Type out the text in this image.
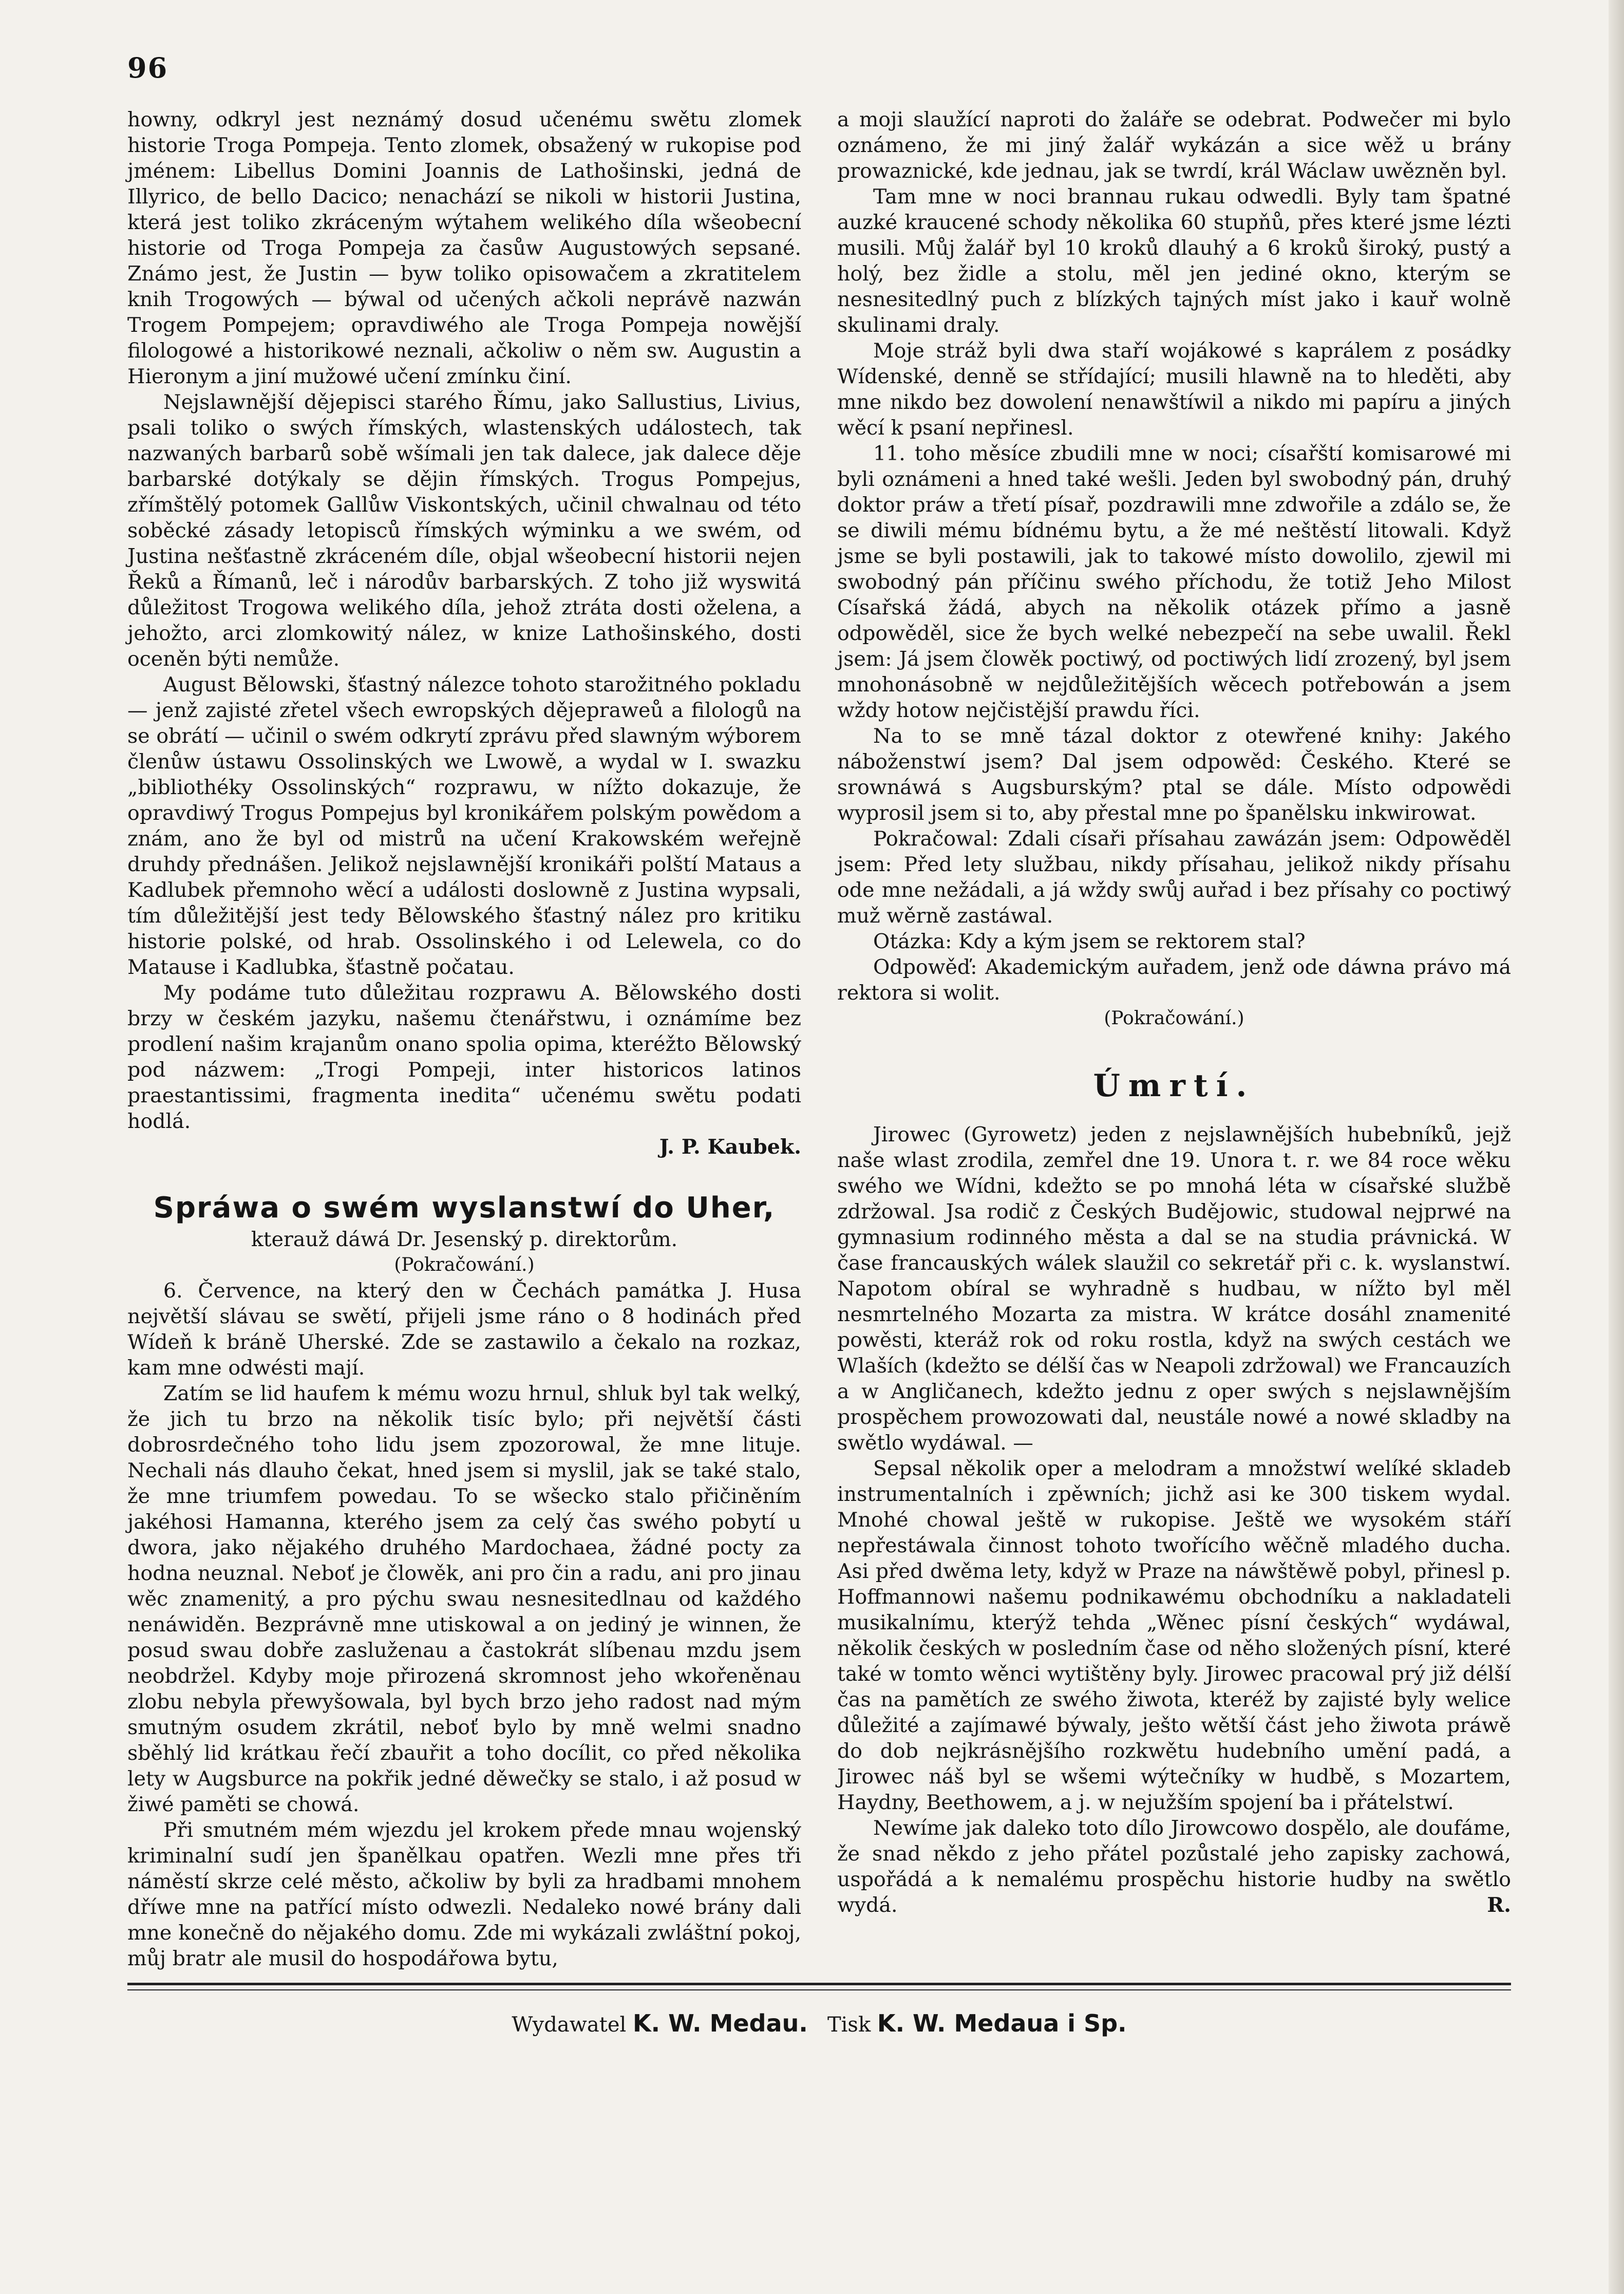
96

howny, odkryl jest neznámý dosud učenému swětu zlomek historie Troga Pompeja. Tento zlomek, obsažený w rukopise pod jménem: Libellus Domini Joannis de Lathošinski, jedná de Illyrico, de bello Dacico; nenachází se nikoli w historii Justina, která jest toliko zkráceným wýtahem welikého díla wšeobecní historie od Troga Pompeja za časůw Augustowých sepsané. Známo jest, že Justin — byw toliko opisowačem a zkratitelem knih Trogowých — býwal od učených ačkoli neprávě nazwán Trogem Pompejem; opravdiwého ale Troga Pompeja nowější filologowé a historikowé neznali, ačkoliw o něm sw. Augustin a Hieronym a jiní mužowé učení zmínku činí.

Nejslawnější dějepisci starého Římu, jako Sallustius, Livius, psali toliko o swých římských, wlastenských událostech, tak nazwaných barbarů sobě wšímali jen tak dalece, jak dalece děje barbarské dotýkaly se dějin římských. Trogus Pompejus, zřímštělý potomek Gallůw Viskontských, učinil chwalnau od této soběcké zásady letopisců římských wýminku a we swém, od Justina nešťastně zkráceném díle, objal wšeobecní historii nejen Řeků a Římanů, leč i národův barbarských. Z toho již wyswitá důležitost Trogowa welikého díla, jehož ztráta dosti oželena, a jehožto, arci zlomkowitý nález, w knize Lathošinského, dosti oceněn býti nemůže.

August Bělowski, šťastný nálezce tohoto starožitného pokladu — jenž zajisté zřetel všech ewropských dějepraweů a filologů na se obrátí — učinil o swém odkrytí zprávu před slawným wýborem členůw ústawu Ossolinských we Lwowě, a wydal w I. swazku „bibliothéky Ossolinských“ rozprawu, w nížto dokazuje, že opravdiwý Trogus Pompejus byl kronikářem polským powědom a znám, ano že byl od mistrů na učení Krakowském weřejně druhdy přednášen. Jelikož nejslawnější kronikáři polští Mataus a Kadlubek přemnoho wěcí a události doslowně z Justina wypsali, tím důležitější jest tedy Bělowského šťastný nález pro kritiku historie polské, od hrab. Ossolinského i od Lelewela, co do Matause i Kadlubka, šťastně počatau.

My podáme tuto důležitau rozprawu A. Bělowského dosti brzy w českém jazyku, našemu čtenářstwu, i oznámíme bez prodlení našim krajanům onano spolia opima, kteréžto Bělowský pod názwem: „Trogi Pompeji, inter historicos latinos praestantissimi, fragmenta inedita“ učenému swětu podati hodlá.

J. P. Kaubek.

Spráwa o swém wyslanstwí do Uher,

kterauž dáwá Dr. Jesenský p. direktorům.

(Pokračowání.)

6. Července, na který den w Čechách památka J. Husa největší slávau se swětí, přijeli jsme ráno o 8 hodinách před Wídeň k bráně Uherské. Zde se zastawilo a čekalo na rozkaz, kam mne odwésti mají.

Zatím se lid haufem k mému wozu hrnul, shluk byl tak welký, že jich tu brzo na několik tisíc bylo; při největší části dobrosrdečného toho lidu jsem zpozorowal, že mne lituje. Nechali nás dlauho čekat, hned jsem si myslil, jak se také stalo, že mne triumfem powedau. To se wšecko stalo přičiněním jakéhosi Hamanna, kterého jsem za celý čas swého pobytí u dwora, jako nějakého druhého Mardochaea, žádné pocty za hodna neuznal. Neboť je člowěk, ani pro čin a radu, ani pro jinau wěc znamenitý, a pro pýchu swau nesnesitedlnau od každého nenáwiděn. Bezprávně mne utiskowal a on jediný je winnen, že posud swau dobře zasluženau a častokrát slíbenau mzdu jsem neobdržel. Kdyby moje přirozená skromnost jeho wkořeněnau zlobu nebyla přewyšowala, byl bych brzo jeho radost nad mým smutným osudem zkrátil, neboť bylo by mně welmi snadno sběhlý lid krátkau řečí zbauřit a toho docílit, co před několika lety w Augsburce na pokřik jedné děwečky se stalo, i až posud w žiwé paměti se chowá.

Při smutném mém wjezdu jel krokem přede mnau wojenský kriminalní sudí jen španělkau opatřen. Wezli mne přes tři náměstí skrze celé město, ačkoliw by byli za hradbami mnohem dříwe mne na patřící místo odwezli. Nedaleko nowé brány dali mne konečně do nějakého domu. Zde mi wykázali zwláštní pokoj, můj bratr ale musil do hospodářowa bytu,

a moji slaužící naproti do žaláře se odebrat. Podwečer mi bylo oznámeno, že mi jiný žalář wykázán a sice wěž u brány prowaznické, kde jednau, jak se twrdí, král Wáclaw uwězněn byl.

Tam mne w noci brannau rukau odwedli. Byly tam špatné auzké kraucené schody několika 60 stupňů, přes které jsme lézti musili. Můj žalář byl 10 kroků dlauhý a 6 kroků široký, pustý a holý, bez židle a stolu, měl jen jediné okno, kterým se nesnesitedlný puch z blízkých tajných míst jako i kauř wolně skulinami draly.

Moje stráž byli dwa staří wojákowé s kaprálem z posádky Wídenské, denně se střídající; musili hlawně na to hleděti, aby mne nikdo bez dowolení nenawštíwil a nikdo mi papíru a jiných wěcí k psaní nepřinesl.

11. toho měsíce zbudili mne w noci; císařští komisarowé mi byli oznámeni a hned také wešli. Jeden byl swobodný pán, druhý doktor práw a třetí písař, pozdrawili mne zdwořile a zdálo se, že se diwili mému bídnému bytu, a že mé neštěstí litowali. Když jsme se byli postawili, jak to takowé místo dowolilo, zjewil mi swobodný pán příčinu swého příchodu, že totiž Jeho Milost Císařská žádá, abych na několik otázek přímo a jasně odpowěděl, sice že bych welké nebezpečí na sebe uwalil. Řekl jsem: Já jsem člowěk poctiwý, od poctiwých lidí zrozený, byl jsem mnohonásobně w nejdůležitějších wěcech potřebowán a jsem wždy hotow nejčistější prawdu říci.

Na to se mně tázal doktor z otewřené knihy: Jakého náboženstwí jsem? Dal jsem odpowěd: Českého. Které se srownáwá s Augsburským? ptal se dále. Místo odpowědi wyprosil jsem si to, aby přestal mne po španělsku inkwirowat.

Pokračowal: Zdali císaři přísahau zawázán jsem: Odpowěděl jsem: Před lety službau, nikdy přísahau, jelikož nikdy přísahu ode mne nežádali, a já wždy swůj auřad i bez přísahy co poctiwý muž wěrně zastáwal.

Otázka: Kdy a kým jsem se rektorem stal?

Odpowěď: Akademickým auřadem, jenž ode dáwna právo má rektora si wolit.

(Pokračowání.)

Úmrtí.

Jirowec (Gyrowetz) jeden z nejslawnějších hubebníků, jejž naše wlast zrodila, zemřel dne 19. Unora t. r. we 84 roce wěku swého we Wídni, kdežto se po mnohá léta w císařské službě zdržowal. Jsa rodič z Českých Budějowic, studowal nejprwé na gymnasium rodinného města a dal se na studia právnická. W čase francauských wálek slaužil co sekretář při c. k. wyslanstwí. Napotom obíral se wyhradně s hudbau, w nížto byl měl nesmrtelného Mozarta za mistra. W krátce dosáhl znamenité powěsti, kteráž rok od roku rostla, když na swých cestách we Wlaších (kdežto se délší čas w Neapoli zdržowal) we Francauzích a w Angličanech, kdežto jednu z oper swých s nejslawnějším prospěchem prowozowati dal, neustále nowé a nowé skladby na swětlo wydáwal. —

Sepsal několik oper a melodram a množstwí welíké skladeb instrumentalních i zpěwních; jichž asi ke 300 tiskem wydal. Mnohé chowal ještě w rukopise. Ještě we wysokém stáří nepřestáwala činnost tohoto twořícího wěčně mladého ducha. Asi před dwěma lety, když w Praze na náwštěwě pobyl, přinesl p. Hoffmannowi našemu podnikawému obchodníku a nakladateli musikalnímu, kterýž tehda „Wěnec písní českých“ wydáwal, několik českých w posledním čase od něho složených písní, které také w tomto wěnci wytištěny byly. Jirowec pracowal prý již délší čas na pamětích ze swého žiwota, kteréž by zajisté byly welice důležité a zajímawé býwaly, ješto wětší část jeho žiwota práwě do dob nejkrásnějšího rozkwětu hudebního umění padá, a Jirowec náš byl se wšemi wýtečníky w hudbě, s Mozartem, Haydny, Beethowem, a j. w nejužším spojení ba i přátelstwí.

Newíme jak daleko toto dílo Jirowcowo dospělo, ale doufáme, že snad někdo z jeho přátel pozůstalé jeho zapisky zachowá, uspořádá a k nemalému prospěchu historie hudby na swětlo wydá.	R.

Wydawatel K. W. Medau. Tisk K. W. Medaua i Sp.
